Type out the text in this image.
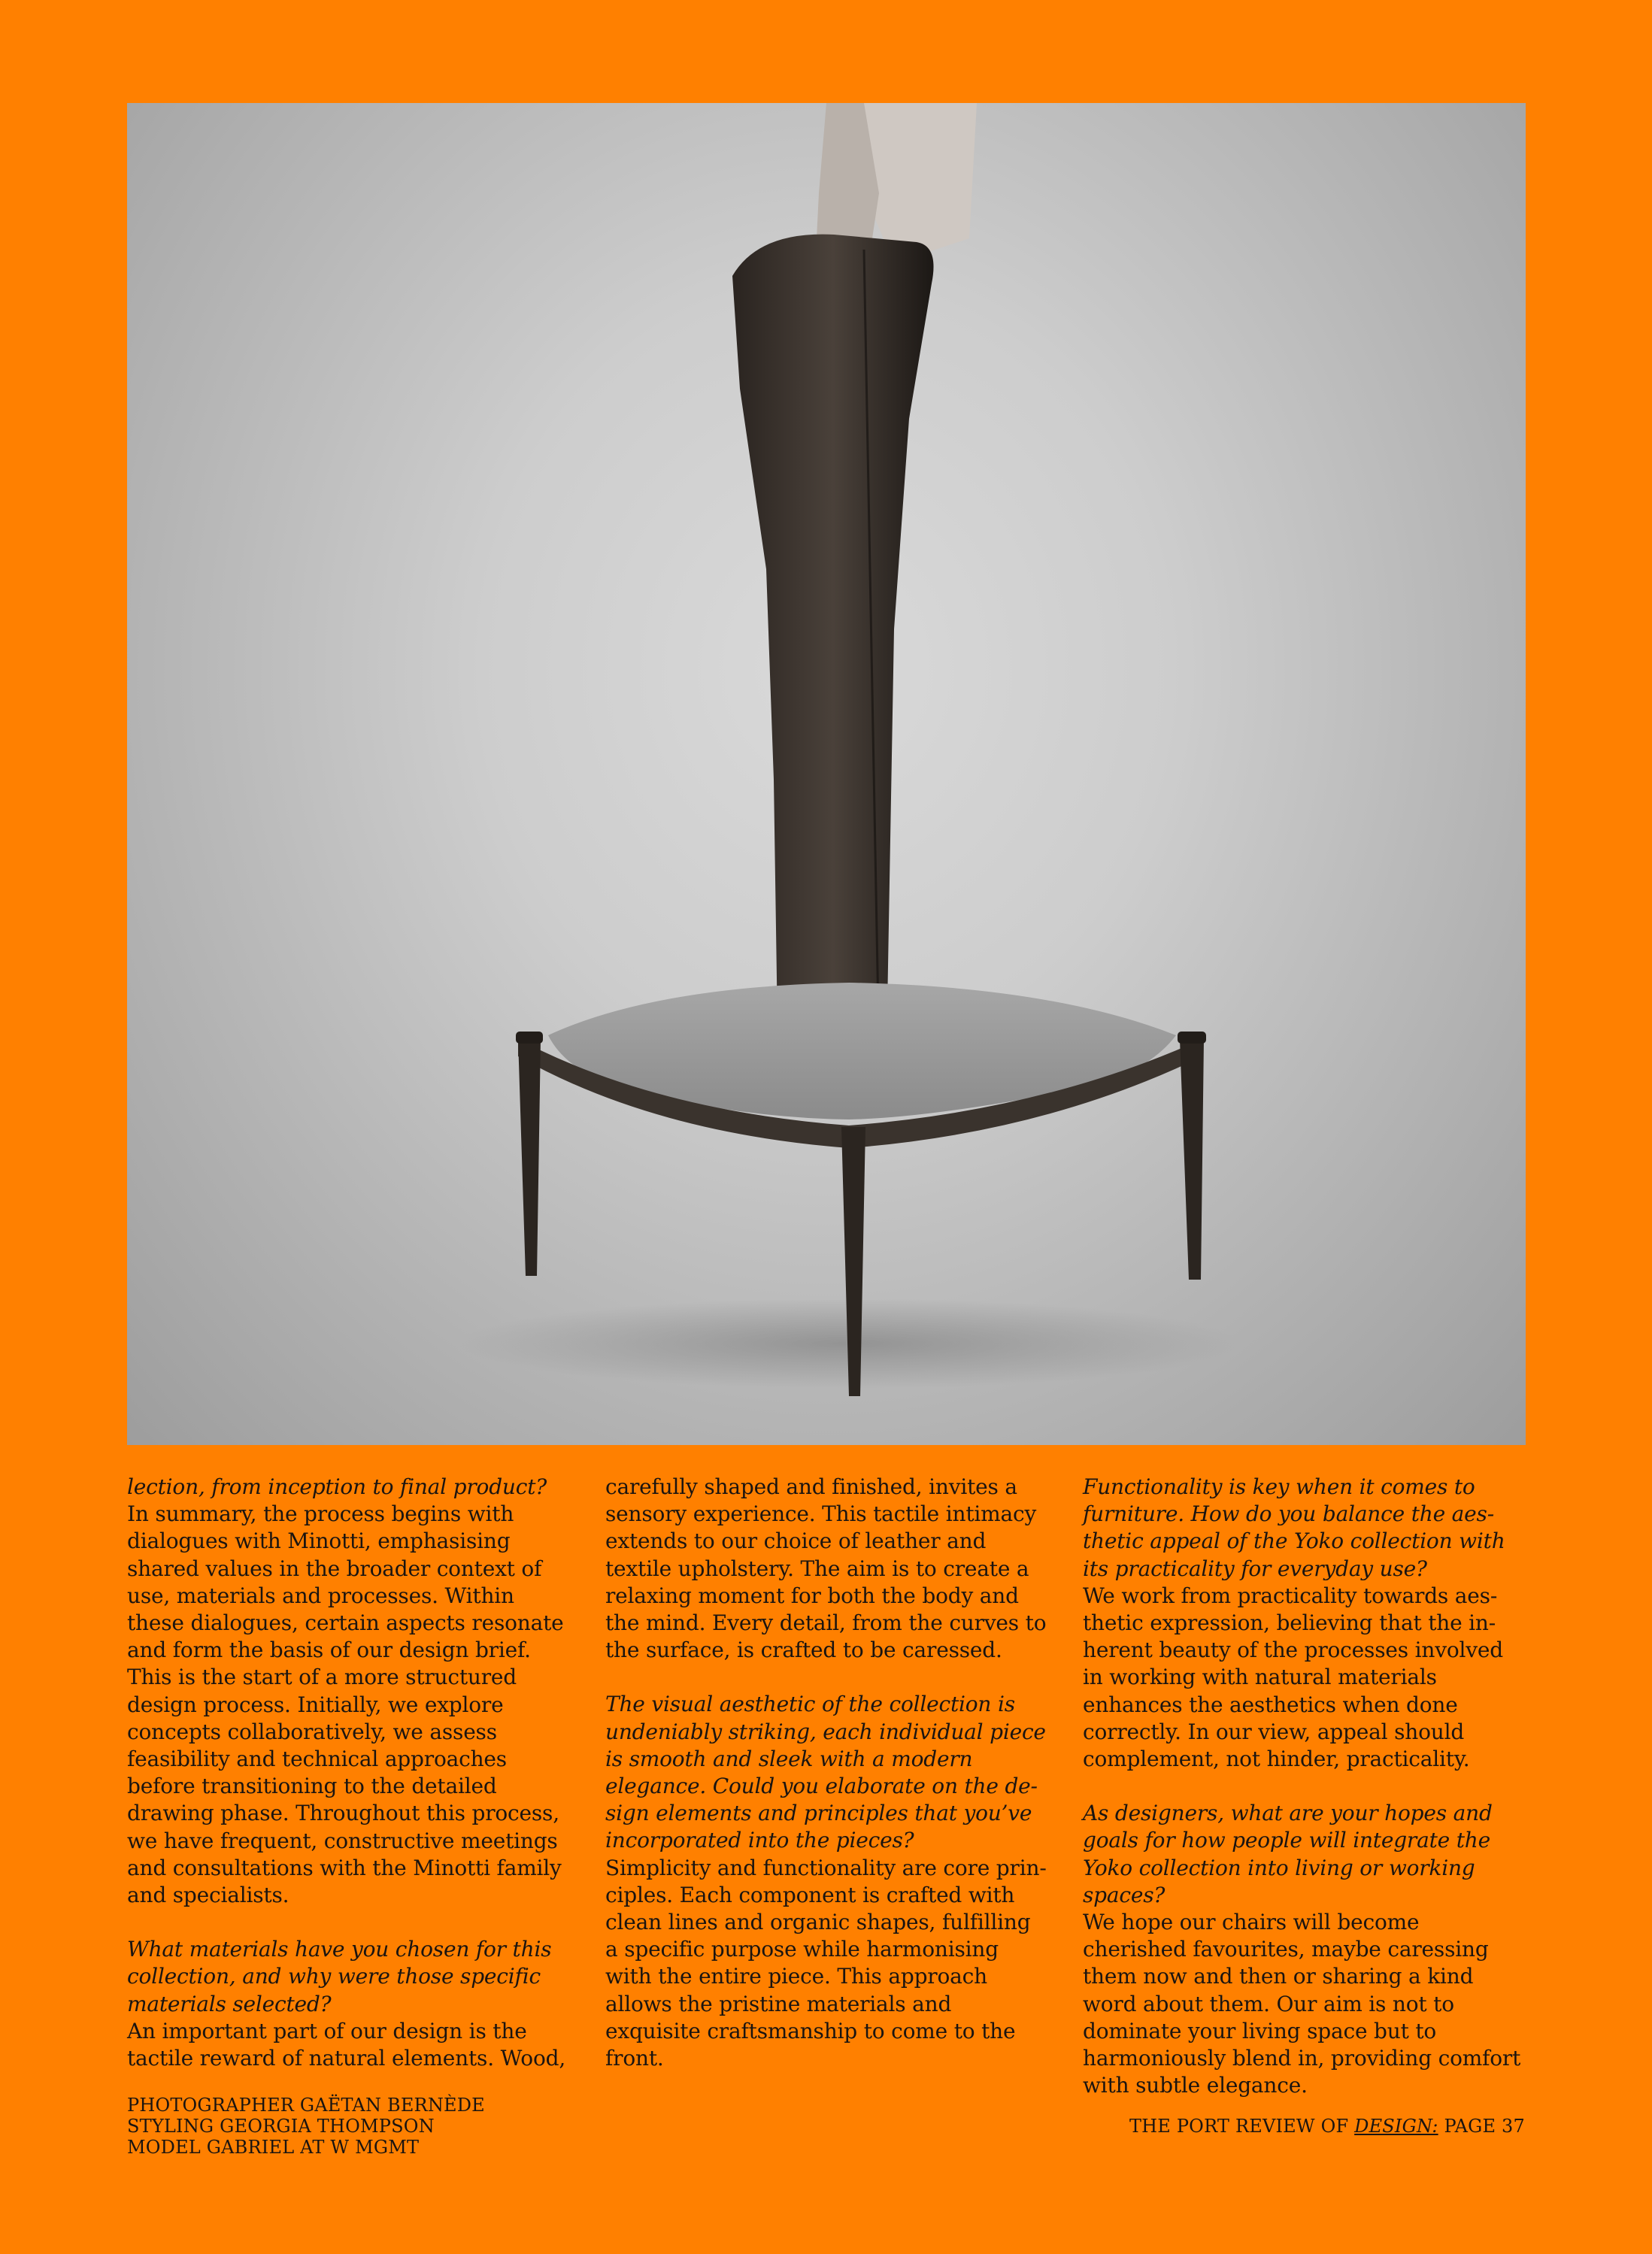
lection, from inception to final product?

In summary, the process begins with dialogues with Minotti, emphasising shared values in the broader context of use, materials and processes. Within these dialogues, certain aspects resonate and form the basis of our design brief. This is the start of a more structured design process. Initially, we explore concepts collaboratively, we assess feasibility and technical approaches before transitioning to the detailed drawing phase. Throughout this process, we have frequent, constructive meetings and consultations with the Minotti family and specialists.

What materials have you chosen for this collection, and why were those specific materials selected?

An important part of our design is the tactile reward of natural elements. Wood,

carefully shaped and finished, invites a sensory experience. This tactile intimacy extends to our choice of leather and textile upholstery. The aim is to create a relaxing moment for both the body and the mind. Every detail, from the curves to the surface, is crafted to be caressed.

The visual aesthetic of the collection is undeniably striking, each individual piece is smooth and sleek with a modern elegance. Could you elaborate on the design elements and principles that you’ve incorporated into the pieces?

Simplicity and functionality are core principles. Each component is crafted with clean lines and organic shapes, fulfilling a specific purpose while harmonising with the entire piece. This approach allows the pristine materials and exquisite craftsmanship to come to the front.

Functionality is key when it comes to furniture. How do you balance the aesthetic appeal of the Yoko collection with its practicality for everyday use?

We work from practicality towards aesthetic expression, believing that the inherent beauty of the processes involved in working with natural materials enhances the aesthetics when done correctly. In our view, appeal should complement, not hinder, practicality.

As designers, what are your hopes and goals for how people will integrate the Yoko collection into living or working spaces?

We hope our chairs will become cherished favourites, maybe caressing them now and then or sharing a kind word about them. Our aim is not to dominate your living space but to harmoniously blend in, providing comfort with subtle elegance.

PHOTOGRAPHER GAËTAN BERNÈDE
STYLING GEORGIA THOMPSON
MODEL GABRIEL AT W MGMT
THE PORT REVIEW OF DESIGN: PAGE 37
